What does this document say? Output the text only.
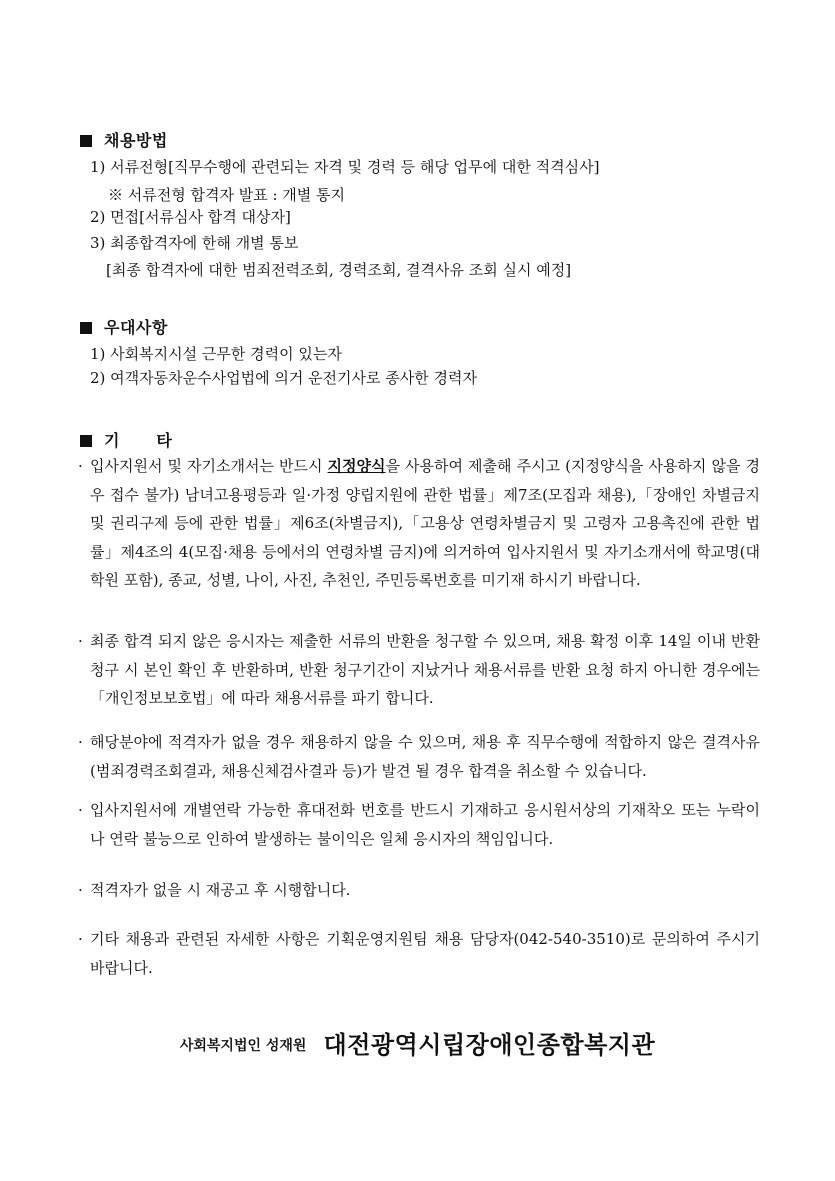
채용방법
1) 서류전형[직무수행에 관련되는 자격 및 경력 등 해당 업무에 대한 적격심사]
※ 서류전형 합격자 발표 : 개별 통지
2) 면접[서류심사 합격 대상자]
3) 최종합격자에 한해 개별 통보
[최종 합격자에 대한 범죄전력조회, 경력조회, 결격사유 조회 실시 예정]
우대사항
1) 사회복지시설 근무한 경력이 있는자
2) 여객자동차운수사업법에 의거 운전기사로 종사한 경력자
기      타
· 입사지원서 및 자기소개서는 반드시 지정양식을 사용하여 제출해 주시고 (지정양식을 사용하지 않을 경우 접수 불가) 남녀고용평등과 일·가정 양립지원에 관한 법률」제7조(모집과 채용),「장애인 차별금지 및 권리구제 등에 관한 법률」제6조(차별금지),「고용상 연령차별금지 및 고령자 고용촉진에 관한 법률」제4조의 4(모집·채용 등에서의 연령차별 금지)에 의거하여 입사지원서 및 자기소개서에 학교명(대학원 포함), 종교, 성별, 나이, 사진, 추천인, 주민등록번호를 미기재 하시기 바랍니다.
· 최종 합격 되지 않은 응시자는 제출한 서류의 반환을 청구할 수 있으며, 채용 확정 이후 14일 이내 반환 청구 시 본인 확인 후 반환하며, 반환 청구기간이 지났거나 채용서류를 반환 요청 하지 아니한 경우에는「개인정보보호법」에 따라 채용서류를 파기 합니다.
· 해당분야에 적격자가 없을 경우 채용하지 않을 수 있으며, 채용 후 직무수행에 적합하지 않은 결격사유(범죄경력조회결과, 채용신체검사결과 등)가 발견 될 경우 합격을 취소할 수 있습니다.
· 입사지원서에 개별연락 가능한 휴대전화 번호를 반드시 기재하고 응시원서상의 기재착오 또는 누락이나 연락 불능으로 인하여 발생하는 불이익은 일체 응시자의 책임입니다.
· 적격자가 없을 시 재공고 후 시행합니다.
· 기타 채용과 관련된 자세한 사항은 기획운영지원팀 채용 담당자(042-540-3510)로 문의하여 주시기 바랍니다.
사회복지법인 성재원 대전광역시립장애인종합복지관
